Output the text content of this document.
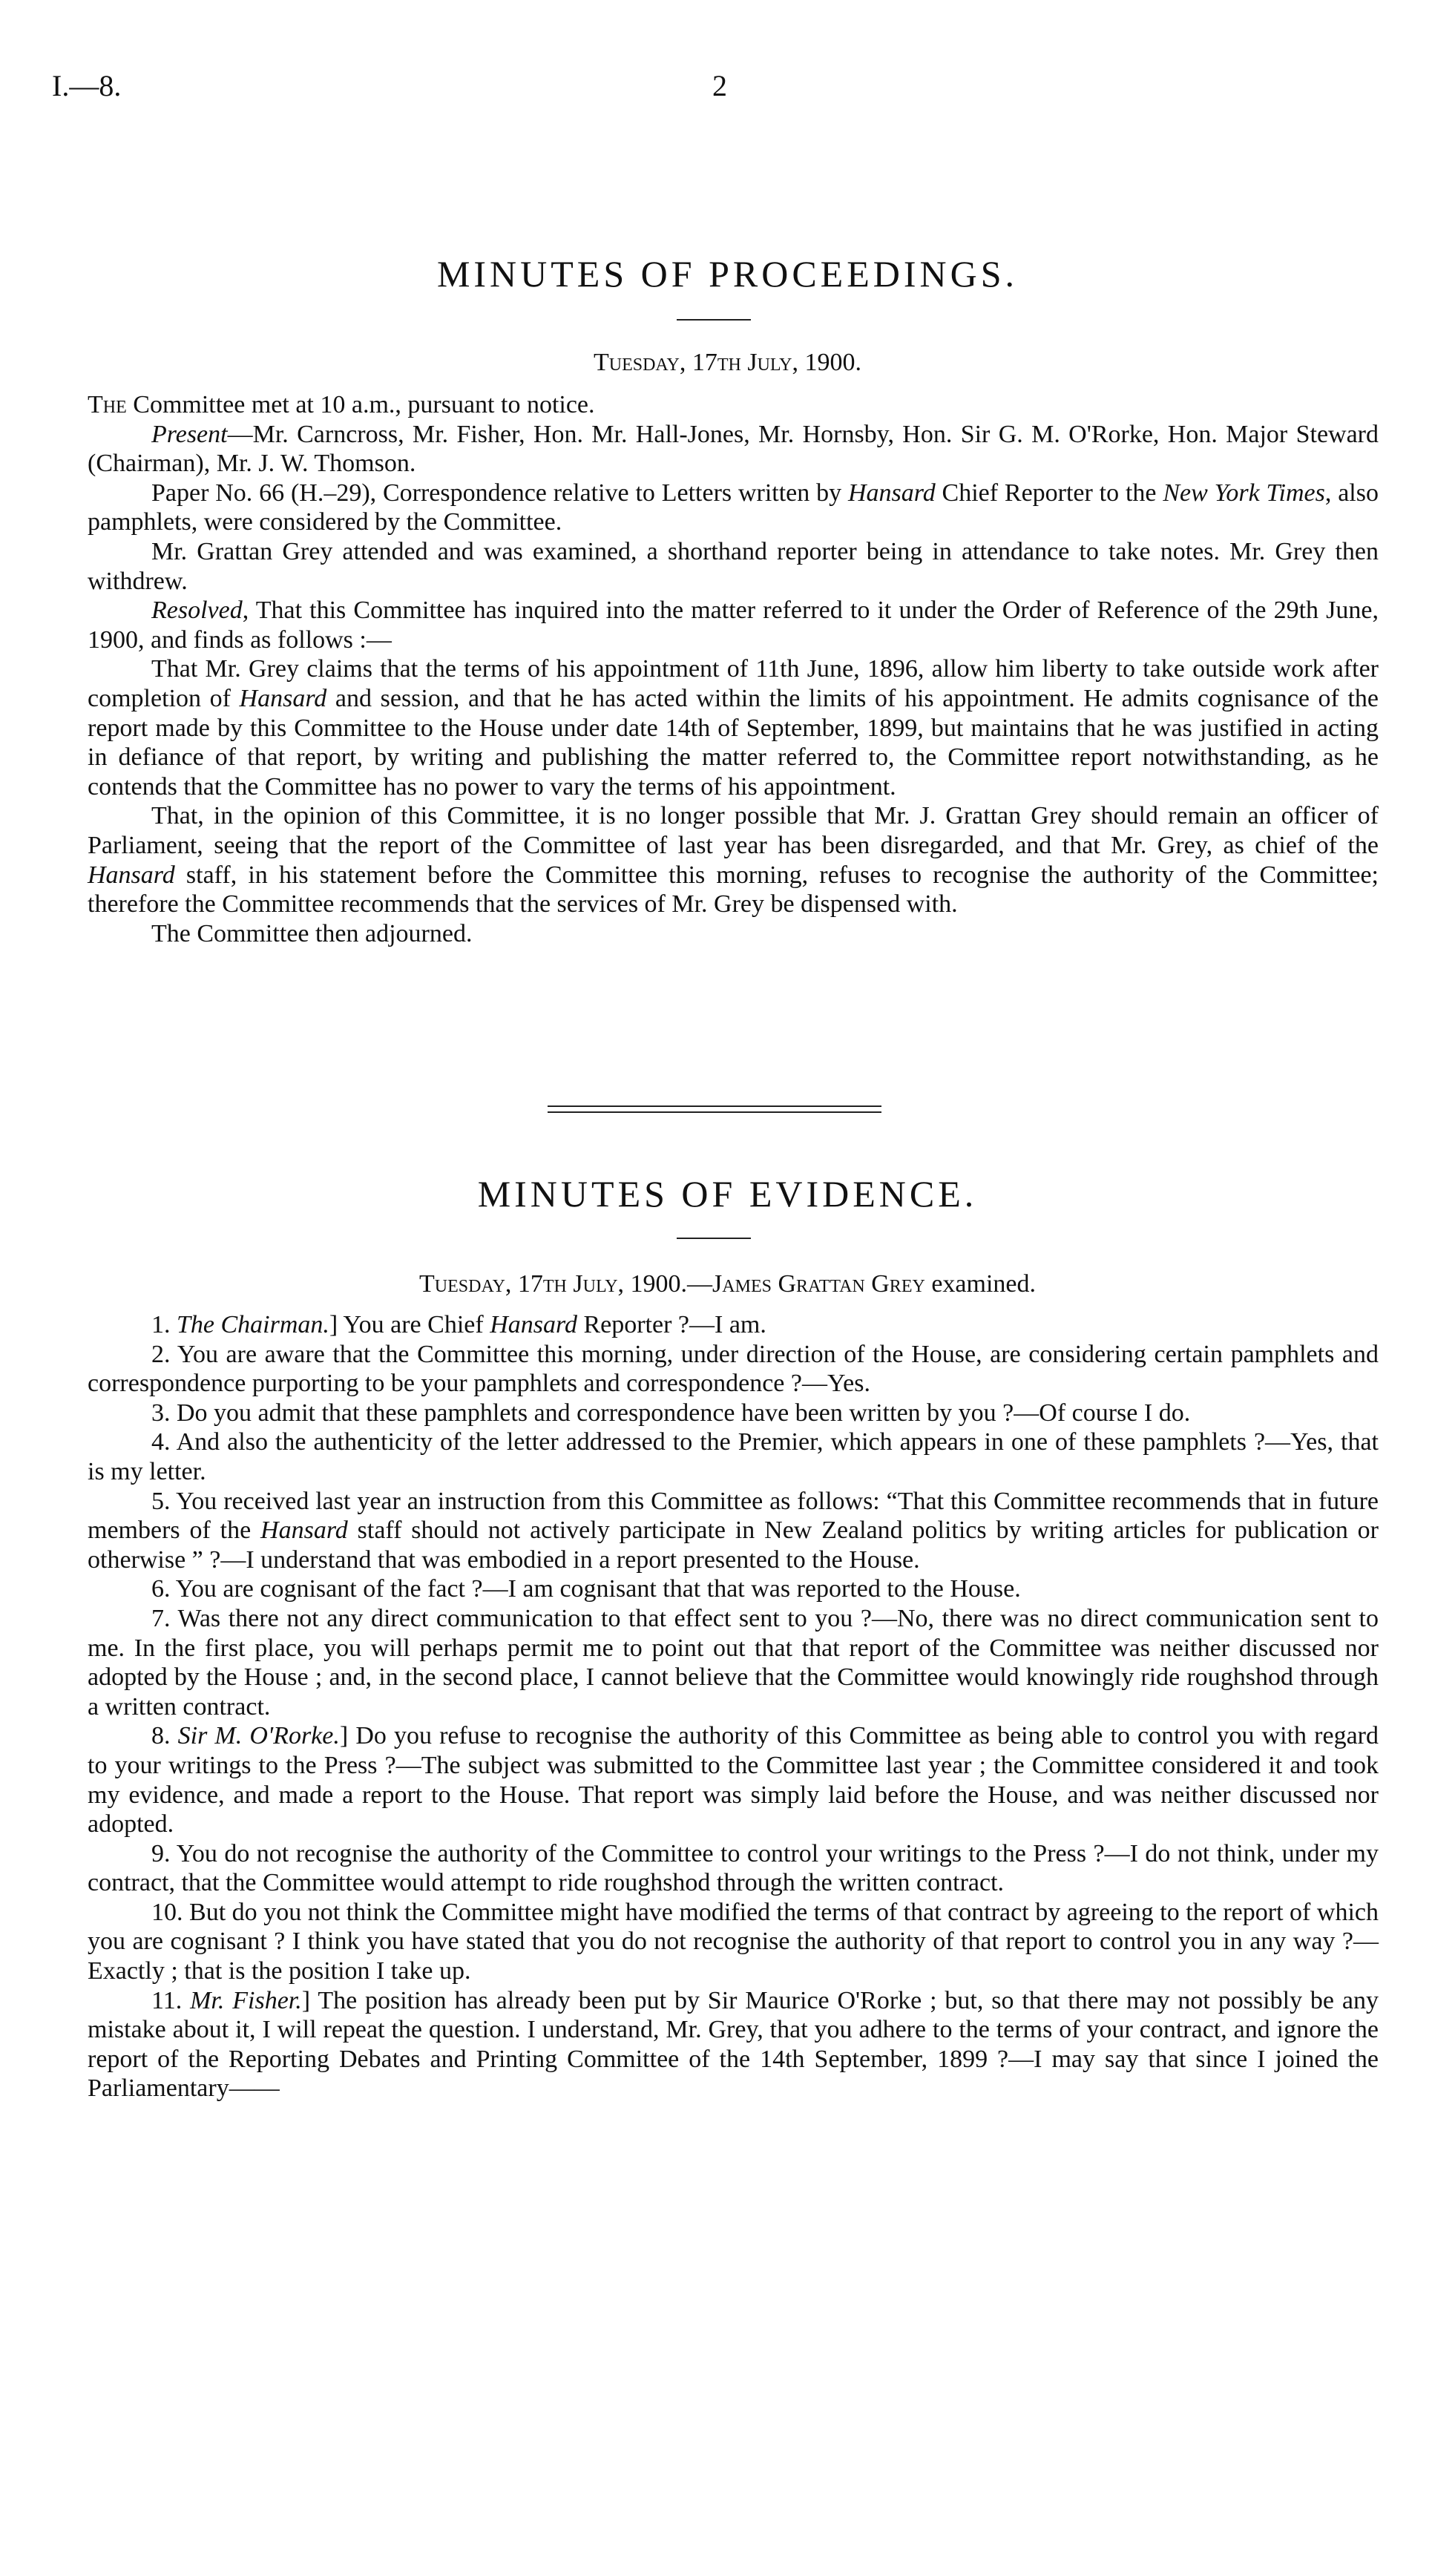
I.—8.	2
MINUTES OF PROCEEDINGS.
Tuesday, 17th July, 1900.

The Committee met at 10 a.m., pursuant to notice.

Present—Mr. Carncross, Mr. Fisher, Hon. Mr. Hall-Jones, Mr. Hornsby, Hon. Sir G. M. O'Rorke, Hon. Major Steward (Chairman), Mr. J. W. Thomson.

Paper No. 66 (H.–29), Correspondence relative to Letters written by Hansard Chief Reporter to the New York Times, also pamphlets, were considered by the Committee.

Mr. Grattan Grey attended and was examined, a shorthand reporter being in attendance to take notes. Mr. Grey then withdrew.

Resolved, That this Committee has inquired into the matter referred to it under the Order of Reference of the 29th June, 1900, and finds as follows :—

That Mr. Grey claims that the terms of his appointment of 11th June, 1896, allow him liberty to take outside work after completion of Hansard and session, and that he has acted within the limits of his appointment. He admits cognisance of the report made by this Committee to the House under date 14th of September, 1899, but maintains that he was justified in acting in defiance of that report, by writing and publishing the matter referred to, the Committee report notwithstanding, as he contends that the Committee has no power to vary the terms of his appointment.

That, in the opinion of this Committee, it is no longer possible that Mr. J. Grattan Grey should remain an officer of Parliament, seeing that the report of the Committee of last year has been disregarded, and that Mr. Grey, as chief of the Hansard staff, in his statement before the Committee this morning, refuses to recognise the authority of the Committee; therefore the Committee recommends that the services of Mr. Grey be dispensed with.

The Committee then adjourned.

MINUTES OF EVIDENCE.
Tuesday, 17th July, 1900.—James Grattan Grey examined.

1. The Chairman.] You are Chief Hansard Reporter ?—I am.

2. You are aware that the Committee this morning, under direction of the House, are considering certain pamphlets and correspondence purporting to be your pamphlets and correspondence ?—Yes.

3. Do you admit that these pamphlets and correspondence have been written by you ?—Of course I do.

4. And also the authenticity of the letter addressed to the Premier, which appears in one of these pamphlets ?—Yes, that is my letter.

5. You received last year an instruction from this Committee as follows: “That this Committee recommends that in future members of the Hansard staff should not actively participate in New Zealand politics by writing articles for publication or otherwise ” ?—I understand that was embodied in a report presented to the House.

6. You are cognisant of the fact ?—I am cognisant that that was reported to the House.

7. Was there not any direct communication to that effect sent to you ?—No, there was no direct communication sent to me. In the first place, you will perhaps permit me to point out that that report of the Committee was neither discussed nor adopted by the House ; and, in the second place, I cannot believe that the Committee would knowingly ride roughshod through a written contract.

8. Sir M. O'Rorke.] Do you refuse to recognise the authority of this Committee as being able to control you with regard to your writings to the Press ?—The subject was submitted to the Committee last year ; the Committee considered it and took my evidence, and made a report to the House. That report was simply laid before the House, and was neither discussed nor adopted.

9. You do not recognise the authority of the Committee to control your writings to the Press ?—I do not think, under my contract, that the Committee would attempt to ride roughshod through the written contract.

10. But do you not think the Committee might have modified the terms of that contract by agreeing to the report of which you are cognisant ? I think you have stated that you do not recognise the authority of that report to control you in any way ?—Exactly ; that is the position I take up.

11. Mr. Fisher.] The position has already been put by Sir Maurice O'Rorke ; but, so that there may not possibly be any mistake about it, I will repeat the question. I understand, Mr. Grey, that you adhere to the terms of your contract, and ignore the report of the Reporting Debates and Printing Committee of the 14th September, 1899 ?—I may say that since I joined the Parliamentary——
